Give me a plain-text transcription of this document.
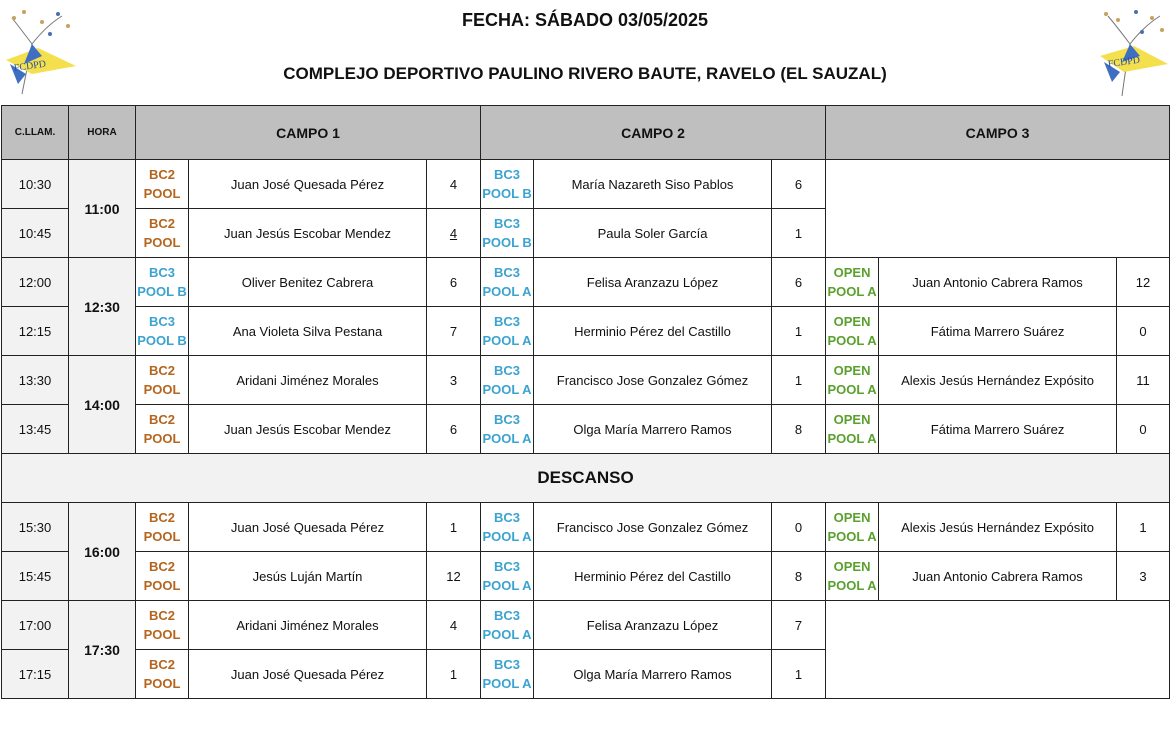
FCDPD	FCDPD
FECHA: SÁBADO 03/05/2025
COMPLEJO DEPORTIVO PAULINO RIVERO BAUTE, RAVELO (EL SAUZAL)
C.LLAM.	HORA	CAMPO 1			CAMPO 2			CAMPO 3		
10:30	11:00	BC2
POOL	Juan José Quesada Pérez	4	BC3
POOL B	María Nazareth Siso Pablos	6			
10:45		BC2
POOL	Juan Jesús Escobar Mendez	4	BC3
POOL B	Paula Soler García	1			
12:00	12:30	BC3
POOL B	Oliver Benitez Cabrera	6	BC3
POOL A	Felisa Aranzazu López	6	OPEN
POOL A	Juan Antonio Cabrera Ramos	12
12:15		BC3
POOL B	Ana Violeta Silva Pestana	7	BC3
POOL A	Herminio Pérez del Castillo	1	OPEN
POOL A	Fátima Marrero Suárez	0
13:30	14:00	BC2
POOL	Aridani Jiménez Morales	3	BC3
POOL A	Francisco Jose Gonzalez Gómez	1	OPEN
POOL A	Alexis Jesús Hernández Expósito	11
13:45		BC2
POOL	Juan Jesús Escobar Mendez	6	BC3
POOL A	Olga María Marrero Ramos	8	OPEN
POOL A	Fátima Marrero Suárez	0
DESCANSO										
15:30	16:00	BC2
POOL	Juan José Quesada Pérez	1	BC3
POOL A	Francisco Jose Gonzalez Gómez	0	OPEN
POOL A	Alexis Jesús Hernández Expósito	1
15:45		BC2
POOL	Jesús Luján Martín	12	BC3
POOL A	Herminio Pérez del Castillo	8	OPEN
POOL A	Juan Antonio Cabrera Ramos	3
17:00	17:30	BC2
POOL	Aridani Jiménez Morales	4	BC3
POOL A	Felisa Aranzazu López	7			
17:15		BC2
POOL	Juan José Quesada Pérez	1	BC3
POOL A	Olga María Marrero Ramos	1			
